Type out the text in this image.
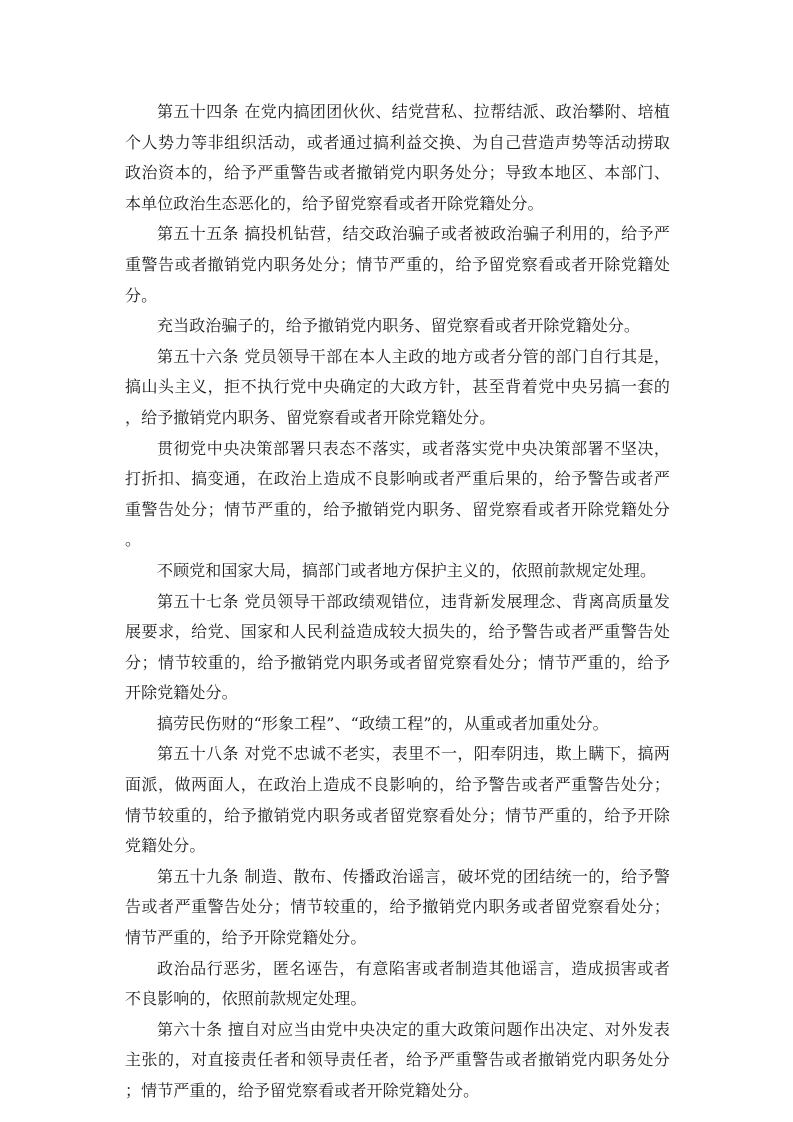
第五十四条 在党内搞团团伙伙、结党营私、拉帮结派、政治攀附、培植个人势力等非组织活动，或者通过搞利益交换、为自己营造声势等活动捞取政治资本的，给予严重警告或者撤销党内职务处分；导致本地区、本部门、本单位政治生态恶化的，给予留党察看或者开除党籍处分。

第五十五条 搞投机钻营，结交政治骗子或者被政治骗子利用的，给予严重警告或者撤销党内职务处分；情节严重的，给予留党察看或者开除党籍处分。

充当政治骗子的，给予撤销党内职务、留党察看或者开除党籍处分。

第五十六条 党员领导干部在本人主政的地方或者分管的部门自行其是，搞山头主义，拒不执行党中央确定的大政方针，甚至背着党中央另搞一套的，给予撤销党内职务、留党察看或者开除党籍处分。

贯彻党中央决策部署只表态不落实，或者落实党中央决策部署不坚决，打折扣、搞变通，在政治上造成不良影响或者严重后果的，给予警告或者严重警告处分；情节严重的，给予撤销党内职务、留党察看或者开除党籍处分。

不顾党和国家大局，搞部门或者地方保护主义的，依照前款规定处理。

第五十七条 党员领导干部政绩观错位，违背新发展理念、背离高质量发展要求，给党、国家和人民利益造成较大损失的，给予警告或者严重警告处分；情节较重的，给予撤销党内职务或者留党察看处分；情节严重的，给予开除党籍处分。

搞劳民伤财的“形象工程”、“政绩工程”的，从重或者加重处分。

第五十八条 对党不忠诚不老实，表里不一，阳奉阴违，欺上瞒下，搞两面派，做两面人，在政治上造成不良影响的，给予警告或者严重警告处分；情节较重的，给予撤销党内职务或者留党察看处分；情节严重的，给予开除党籍处分。

第五十九条 制造、散布、传播政治谣言，破坏党的团结统一的，给予警告或者严重警告处分；情节较重的，给予撤销党内职务或者留党察看处分；情节严重的，给予开除党籍处分。

政治品行恶劣，匿名诬告，有意陷害或者制造其他谣言，造成损害或者不良影响的，依照前款规定处理。

第六十条 擅自对应当由党中央决定的重大政策问题作出决定、对外发表主张的，对直接责任者和领导责任者，给予严重警告或者撤销党内职务处分；情节严重的，给予留党察看或者开除党籍处分。
